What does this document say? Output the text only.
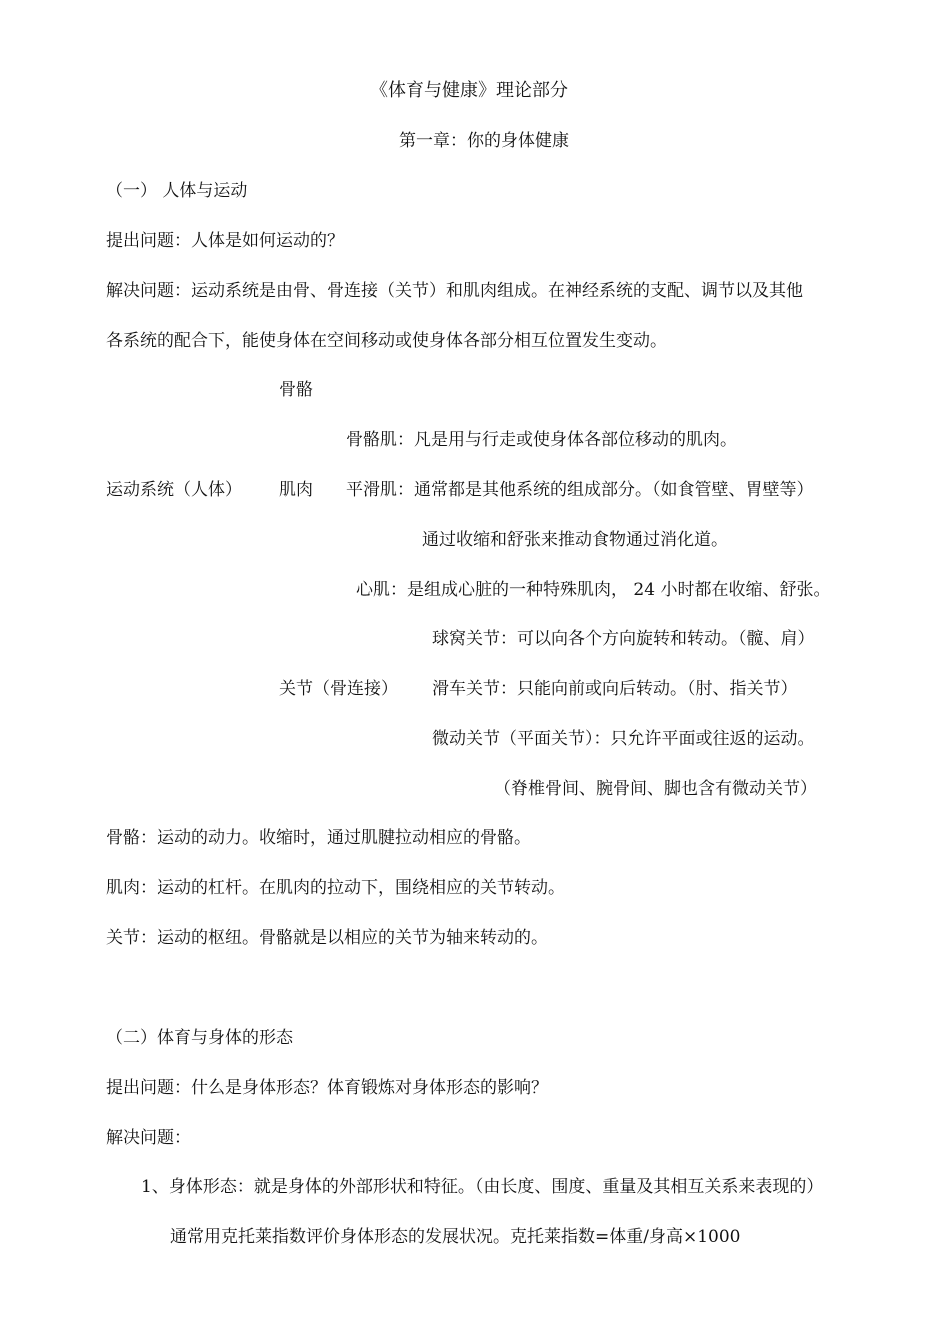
《体育与健康》理论部分
第一章：你的身体健康
（一） 人体与运动
提出问题：人体是如何运动的？
解决问题：运动系统是由骨、骨连接（关节）和肌肉组成。在神经系统的支配、调节以及其他
各系统的配合下，能使身体在空间移动或使身体各部分相互位置发生变动。
骨骼
骨骼肌：凡是用与行走或使身体各部位移动的肌肉。
运动系统（人体） 肌肉 平滑肌：通常都是其他系统的组成部分。（如食管壁、胃壁等）
通过收缩和舒张来推动食物通过消化道。
心肌：是组成心脏的一种特殊肌肉， 24 小时都在收缩、舒张。
球窝关节：可以向各个方向旋转和转动。（髋、肩）
关节（骨连接） 滑车关节：只能向前或向后转动。（肘、指关节）
微动关节（平面关节）：只允许平面或往返的运动。
（脊椎骨间、腕骨间、脚也含有微动关节）
骨骼：运动的动力。收缩时，通过肌腱拉动相应的骨骼。
肌肉：运动的杠杆。在肌肉的拉动下，围绕相应的关节转动。
关节：运动的枢纽。骨骼就是以相应的关节为轴来转动的。
（二）体育与身体的形态
提出问题：什么是身体形态？体育锻炼对身体形态的影响？
解决问题：
1、身体形态：就是身体的外部形状和特征。（由长度、围度、重量及其相互关系来表现的）
通常用克托莱指数评价身体形态的发展状况。克托莱指数=体重/身高×1000
